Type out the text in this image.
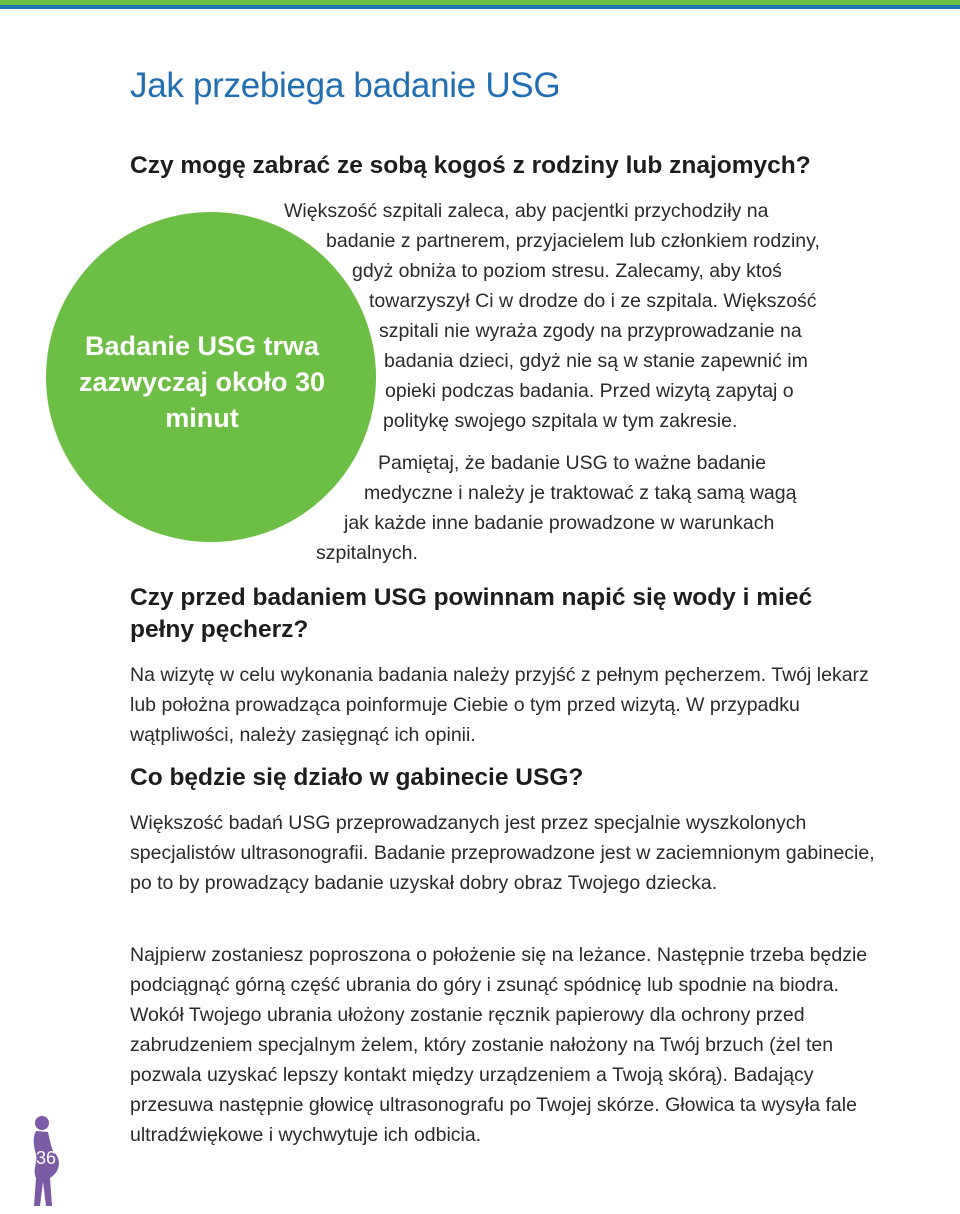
Jak przebiega badanie USG
Czy mogę zabrać ze sobą kogoś z rodziny lub znajomych?

Badanie USG trwa zazwyczaj około 30 minut

Większość szpitali zaleca, aby pacjentki przychodziły na
badanie z partnerem, przyjacielem lub członkiem rodziny,
gdyż obniża to poziom stresu. Zalecamy, aby ktoś
towarzyszył Ci w drodze do i ze szpitala. Większość
szpitali nie wyraża zgody na przyprowadzanie na
badania dzieci, gdyż nie są w stanie zapewnić im
opieki podczas badania. Przed wizytą zapytaj o
politykę swojego szpitala w tym zakresie.
Pamiętaj, że badanie USG to ważne badanie
medyczne i należy je traktować z taką samą wagą
jak każde inne badanie prowadzone w warunkach
szpitalnych.
Czy przed badaniem USG powinnam napić się wody i mieć pełny pęcherz?

Na wizytę w celu wykonania badania należy przyjść z pełnym pęcherzem. Twój lekarz lub położna prowadząca poinformuje Ciebie o tym przed wizytą. W przypadku wątpliwości, należy zasięgnąć ich opinii.

Co będzie się działo w gabinecie USG?

Większość badań USG przeprowadzanych jest przez specjalnie wyszkolonych specjalistów ultrasonografii. Badanie przeprowadzone jest w zaciemnionym gabinecie, po to by prowadzący badanie uzyskał dobry obraz Twojego dziecka.

Najpierw zostaniesz poproszona o położenie się na leżance. Następnie trzeba będzie podciągnąć górną część ubrania do góry i zsunąć spódnicę lub spodnie na biodra. Wokół Twojego ubrania ułożony zostanie ręcznik papierowy dla ochrony przed zabrudzeniem specjalnym żelem, który zostanie nałożony na Twój brzuch (żel ten pozwala uzyskać lepszy kontakt między urządzeniem a Twoją skórą). Badający przesuwa następnie głowicę ultrasonografu po Twojej skórze. Głowica ta wysyła fale ultradźwiękowe i wychwytuje ich odbicia.

36
